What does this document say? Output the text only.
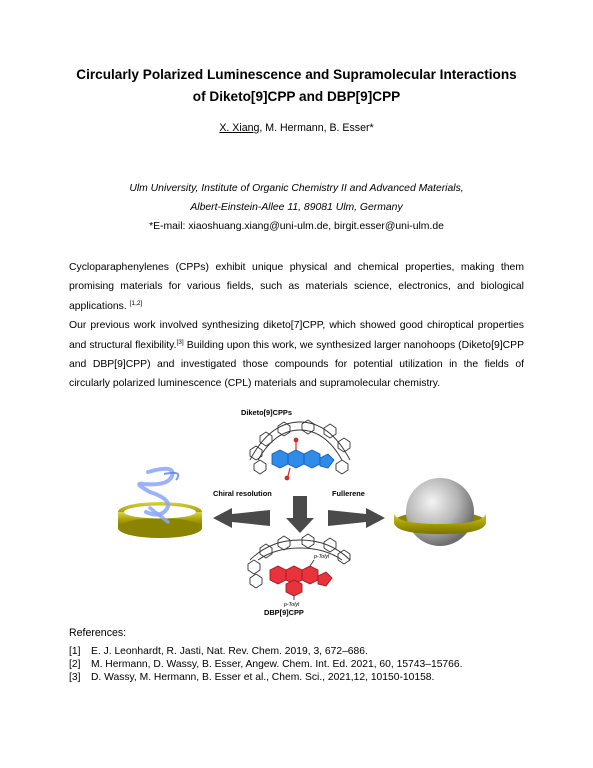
Circularly Polarized Luminescence and Supramolecular Interactions
of Diketo[9]CPP and DBP[9]CPP
X. Xiang, M. Hermann, B. Esser*
Ulm University, Institute of Organic Chemistry II and Advanced Materials,
Albert-Einstein-Allee 11, 89081 Ulm, Germany
*E-mail: xiaoshuang.xiang@uni-ulm.de, birgit.esser@uni-ulm.de

Cycloparaphenylenes (CPPs) exhibit unique physical and chemical properties, making them promising materials for various fields, such as materials science, electronics, and biological applications. [1,2]

Our previous work involved synthesizing diketo[7]CPP, which showed good chiroptical properties and structural flexibility.[3] Building upon this work, we synthesized larger nanohoops (Diketo[9]CPP and DBP[9]CPP) and investigated those compounds for potential utilization in the fields of circularly polarized luminescence (CPL) materials and supramolecular chemistry.

p-Tolyl
p-Tolyl
Diketo[9]CPPs
Chiral resolution	Fullerene
DBP[9]CPP
References:
[1] E. J. Leonhardt, R. Jasti, Nat. Rev. Chem. 2019, 3, 672–686.
[2] M. Hermann, D. Wassy, B. Esser, Angew. Chem. Int. Ed. 2021, 60, 15743–15766.
[3] D. Wassy, M. Hermann, B. Esser et al., Chem. Sci., 2021,12, 10150-10158.
